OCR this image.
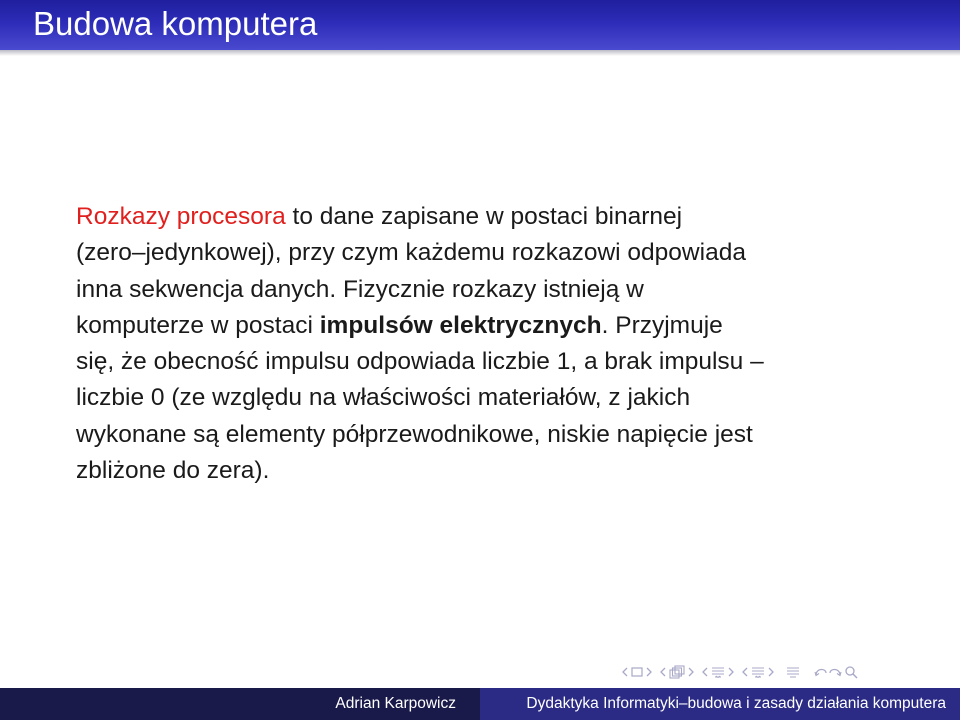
Budowa komputera
Rozkazy procesora to dane zapisane w postaci binarnej
(zero–jedynkowej), przy czym każdemu rozkazowi odpowiada
inna sekwencja danych. Fizycznie rozkazy istnieją w
komputerze w postaci impulsów elektrycznych. Przyjmuje
się, że obecność impulsu odpowiada liczbie 1, a brak impulsu –
liczbie 0 (ze względu na właściwości materiałów, z jakich
wykonane są elementy półprzewodnikowe, niskie napięcie jest
zbliżone do zera).
Adrian Karpowicz	Dydaktyka Informatyki–budowa i zasady działania komputera
